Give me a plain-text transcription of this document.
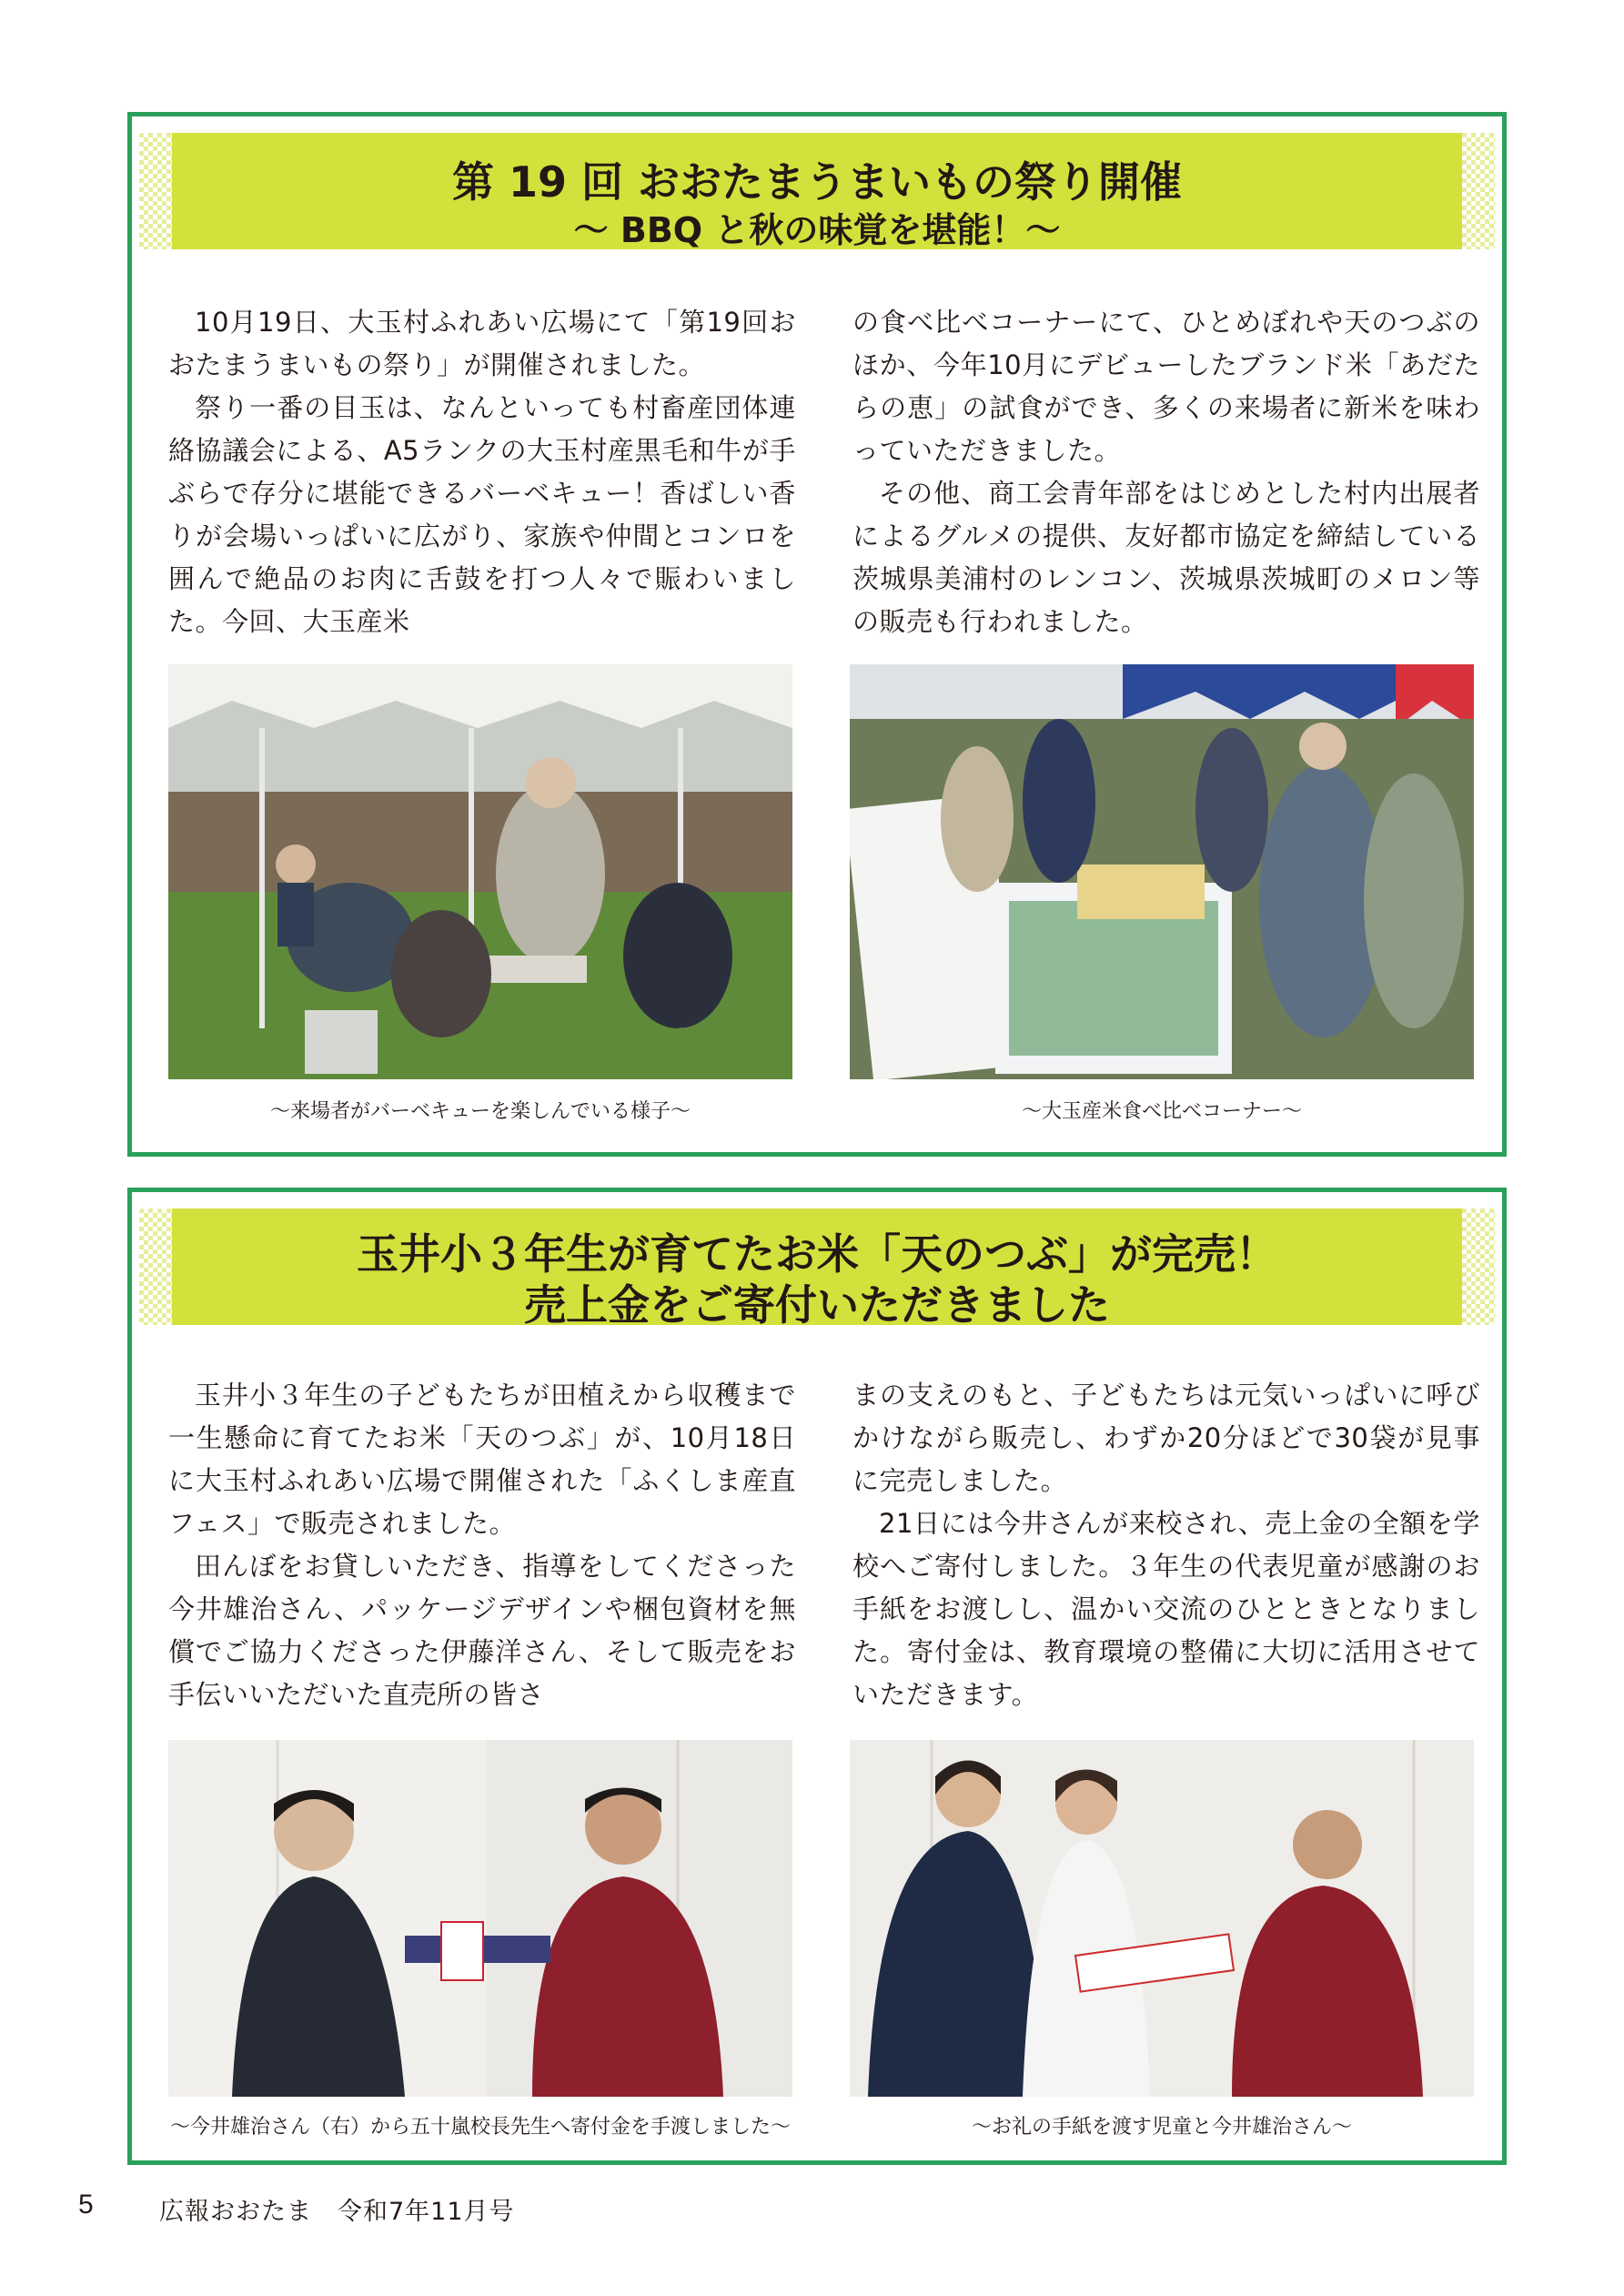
第 19 回 おおたまうまいもの祭り開催
～ BBQ と秋の味覚を堪能！～

10月19日、大玉村ふれあい広場にて「第19回おおたまうまいもの祭り」が開催されました。

祭り一番の目玉は、なんといっても村畜産団体連絡協議会による、A5ランクの大玉村産黒毛和牛が手ぶらで存分に堪能できるバーベキュー！香ばしい香りが会場いっぱいに広がり、家族や仲間とコンロを囲んで絶品のお肉に舌鼓を打つ人々で賑わいました。今回、大玉産米

の食べ比べコーナーにて、ひとめぼれや天のつぶのほか、今年10月にデビューしたブランド米「あだたらの恵」の試食ができ、多くの来場者に新米を味わっていただきました。

その他、商工会青年部をはじめとした村内出展者によるグルメの提供、友好都市協定を締結している茨城県美浦村のレンコン、茨城県茨城町のメロン等の販売も行われました。

～来場者がバーベキューを楽しんでいる様子～	～大玉産米食べ比べコーナー～
玉井小３年生が育てたお米「天のつぶ」が完売！
売上金をご寄付いただきました

玉井小３年生の子どもたちが田植えから収穫まで一生懸命に育てたお米「天のつぶ」が、10月18日に大玉村ふれあい広場で開催された「ふくしま産直フェス」で販売されました。

田んぼをお貸しいただき、指導をしてくださった今井雄治さん、パッケージデザインや梱包資材を無償でご協力くださった伊藤洋さん、そして販売をお手伝いいただいた直売所の皆さ

まの支えのもと、子どもたちは元気いっぱいに呼びかけながら販売し、わずか20分ほどで30袋が見事に完売しました。

21日には今井さんが来校され、売上金の全額を学校へご寄付しました。３年生の代表児童が感謝のお手紙をお渡しし、温かい交流のひとときとなりました。寄付金は、教育環境の整備に大切に活用させていただきます。

～今井雄治さん（右）から五十嵐校長先生へ寄付金を手渡しました～	～お礼の手紙を渡す児童と今井雄治さん～
5	広報おおたま　令和7年11月号
